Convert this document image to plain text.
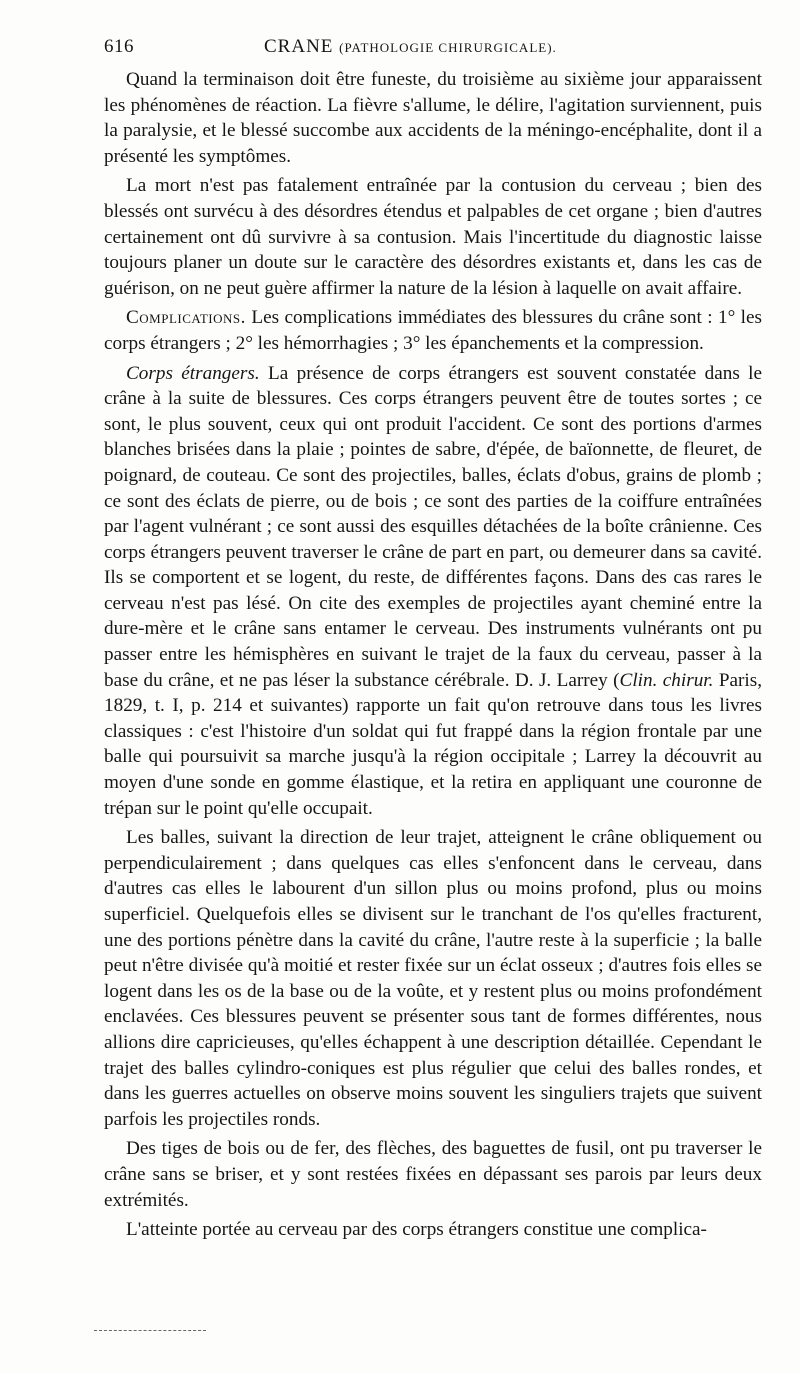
616	CRANE (PATHOLOGIE CHIRURGICALE).

Quand la terminaison doit être funeste, du troisième au sixième jour apparaissent les phénomènes de réaction. La fièvre s'allume, le délire, l'agitation surviennent, puis la paralysie, et le blessé succombe aux accidents de la méningo-encéphalite, dont il a présenté les symptômes.

La mort n'est pas fatalement entraînée par la contusion du cerveau ; bien des blessés ont survécu à des désordres étendus et palpables de cet organe ; bien d'autres certainement ont dû survivre à sa contusion. Mais l'incertitude du diagnostic laisse toujours planer un doute sur le caractère des désordres existants et, dans les cas de guérison, on ne peut guère affirmer la nature de la lésion à laquelle on avait affaire.

Complications. Les complications immédiates des blessures du crâne sont : 1° les corps étrangers ; 2° les hémorrhagies ; 3° les épanchements et la compression.

Corps étrangers. La présence de corps étrangers est souvent constatée dans le crâne à la suite de blessures. Ces corps étrangers peuvent être de toutes sortes ; ce sont, le plus souvent, ceux qui ont produit l'accident. Ce sont des portions d'armes blanches brisées dans la plaie ; pointes de sabre, d'épée, de baïonnette, de fleuret, de poignard, de couteau. Ce sont des projectiles, balles, éclats d'obus, grains de plomb ; ce sont des éclats de pierre, ou de bois ; ce sont des parties de la coiffure entraînées par l'agent vulnérant ; ce sont aussi des esquilles détachées de la boîte crânienne. Ces corps étrangers peuvent traverser le crâne de part en part, ou demeurer dans sa cavité. Ils se comportent et se logent, du reste, de différentes façons. Dans des cas rares le cerveau n'est pas lésé. On cite des exemples de projectiles ayant cheminé entre la dure-mère et le crâne sans entamer le cerveau. Des instruments vulnérants ont pu passer entre les hémisphères en suivant le trajet de la faux du cerveau, passer à la base du crâne, et ne pas léser la substance cérébrale. D. J. Larrey (Clin. chirur. Paris, 1829, t. I, p. 214 et suivantes) rapporte un fait qu'on retrouve dans tous les livres classiques : c'est l'histoire d'un soldat qui fut frappé dans la région frontale par une balle qui poursuivit sa marche jusqu'à la région occipitale ; Larrey la découvrit au moyen d'une sonde en gomme élastique, et la retira en appliquant une couronne de trépan sur le point qu'elle occupait.

Les balles, suivant la direction de leur trajet, atteignent le crâne obliquement ou perpendiculairement ; dans quelques cas elles s'enfoncent dans le cerveau, dans d'autres cas elles le labourent d'un sillon plus ou moins profond, plus ou moins superficiel. Quelquefois elles se divisent sur le tranchant de l'os qu'elles fracturent, une des portions pénètre dans la cavité du crâne, l'autre reste à la superficie ; la balle peut n'être divisée qu'à moitié et rester fixée sur un éclat osseux ; d'autres fois elles se logent dans les os de la base ou de la voûte, et y restent plus ou moins profondément enclavées. Ces blessures peuvent se présenter sous tant de formes différentes, nous allions dire capricieuses, qu'elles échappent à une description détaillée. Cependant le trajet des balles cylindro-coniques est plus régulier que celui des balles rondes, et dans les guerres actuelles on observe moins souvent les singuliers trajets que suivent parfois les projectiles ronds.

Des tiges de bois ou de fer, des flèches, des baguettes de fusil, ont pu traverser le crâne sans se briser, et y sont restées fixées en dépassant ses parois par leurs deux extrémités.

L'atteinte portée au cerveau par des corps étrangers constitue une complica-
